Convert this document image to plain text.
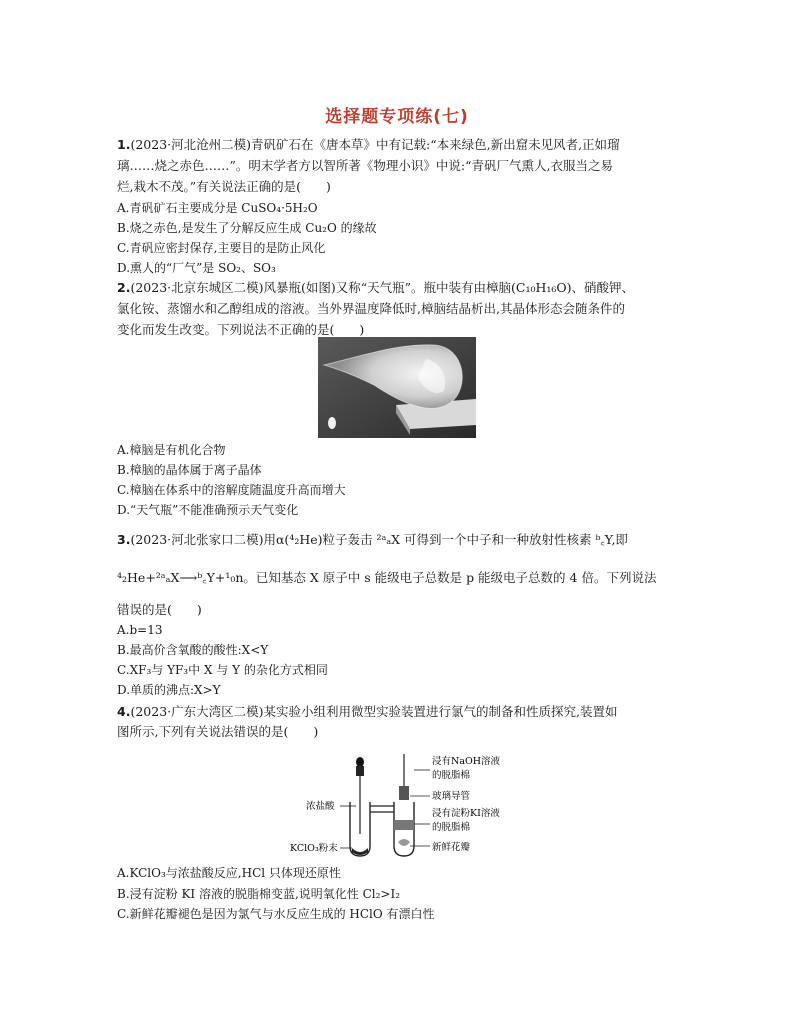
选择题专项练(七)
1.(2023·河北沧州二模)青矾矿石在《唐本草》中有记载:“本来绿色,新出窟未见风者,正如瑠
璃……烧之赤色……”。明末学者方以智所著《物理小识》中说:“青矾厂气熏人,衣服当之易
烂,栽木不茂。”有关说法正确的是(　　)
A.青矾矿石主要成分是 CuSO₄·5H₂O
B.烧之赤色,是发生了分解反应生成 Cu₂O 的缘故
C.青矾应密封保存,主要目的是防止风化
D.熏人的“厂气”是 SO₂、SO₃
2.(2023·北京东城区二模)风暴瓶(如图)又称“天气瓶”。瓶中装有由樟脑(C₁₀H₁₆O)、硝酸钾、
氯化铵、蒸馏水和乙醇组成的溶液。当外界温度降低时,樟脑结晶析出,其晶体形态会随条件的
变化而发生改变。下列说法不正确的是(　　)
A.樟脑是有机化合物
B.樟脑的晶体属于离子晶体
C.樟脑在体系中的溶解度随温度升高而增大
D.“天气瓶”不能准确预示天气变化
3.(2023·河北张家口二模)用α(⁴₂He)粒子轰击 ²ᵃₐX 可得到一个中子和一种放射性核素 ᵇ꜀Y,即
⁴₂He+²ᵃₐX⟶ᵇ꜀Y+¹₀n。已知基态 X 原子中 s 能级电子总数是 p 能级电子总数的 4 倍。下列说法
错误的是(　　)
A.b=13
B.最高价含氧酸的酸性:X<Y
C.XF₃与 YF₃中 X 与 Y 的杂化方式相同
D.单质的沸点:X>Y
4.(2023·广东大湾区二模)某实验小组利用微型实验装置进行氯气的制备和性质探究,装置如
图所示,下列有关说法错误的是(　　)
浸有NaOH溶液
的脱脂棉
玻璃导管
浸有淀粉KI溶液
的脱脂棉
新鲜花瓣
浓盐酸
KClO₃粉末
A.KClO₃与浓盐酸反应,HCl 只体现还原性
B.浸有淀粉 KI 溶液的脱脂棉变蓝,说明氧化性 Cl₂>I₂
C.新鲜花瓣褪色是因为氯气与水反应生成的 HClO 有漂白性
